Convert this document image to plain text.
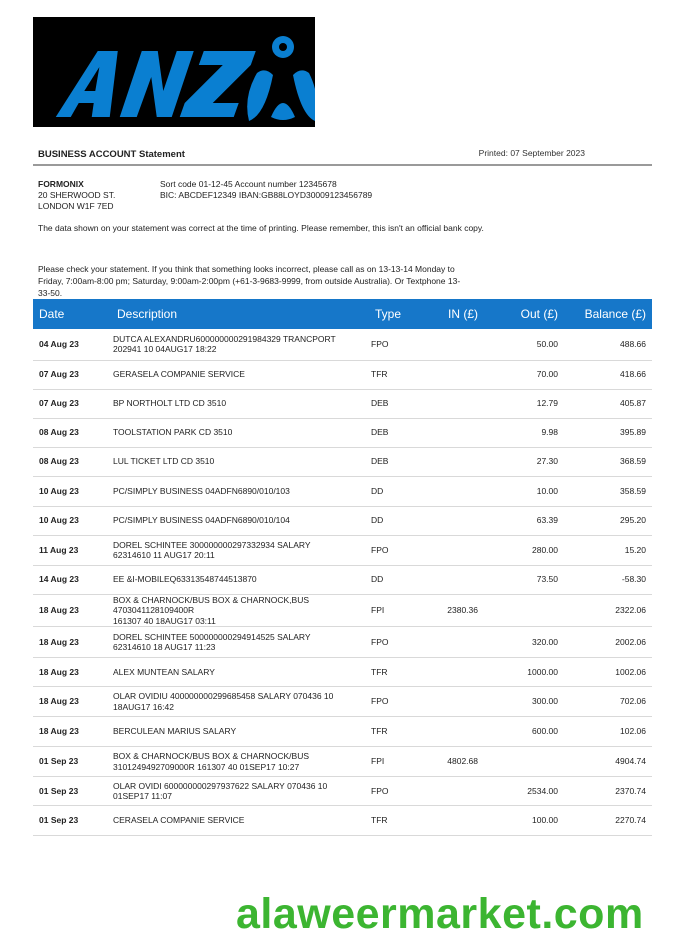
BUSINESS ACCOUNT Statement	Printed: 07 September 2023
FORMONIX
20 SHERWOOD ST.
LONDON W1F 7ED
Sort code 01-12-45 Account number 12345678
BIC: ABCDEF12349 IBAN:GB88LOYD30009123456789
The data shown on your statement was correct at the time of printing. Please remember, this isn't an official bank copy.
Please check your statement. If you think that something looks incorrect, please call as on 13-13-14 Monday to Friday, 7:00am-8:00 pm; Saturday, 9:00am-2:00pm (+61-3-9683-9999, from outside Australia). Or Textphone 13-33-50.
Date	Description	Type	IN (£)	Out (£)	Balance (£)
04 Aug 23	DUTCA ALEXANDRU600000000291984329 TRANCPORT
202941 10 04AUG17 18:22	FPO		50.00	488.66
07 Aug 23	GERASELA COMPANIE SERVICE	TFR		70.00	418.66
07 Aug 23	BP NORTHOLT LTD CD 3510	DEB		12.79	405.87
08 Aug 23	TOOLSTATION PARK CD 3510	DEB		9.98	395.89
08 Aug 23	LUL TICKET LTD CD 3510	DEB		27.30	368.59
10 Aug 23	PC/SIMPLY BUSINESS 04ADFN6890/010/103	DD		10.00	358.59
10 Aug 23	PC/SIMPLY BUSINESS 04ADFN6890/010/104	DD		63.39	295.20
11 Aug 23	DOREL SCHINTEE 300000000297332934 SALARY
62314610 11 AUG17 20:11	FPO		280.00	15.20
14 Aug 23	EE &I-MOBILEQ63313548744513870	DD		73.50	-58.30
18 Aug 23	BOX & CHARNOCK/BUS BOX & CHARNOCK,BUS 4703041128109400R
161307 40 18AUG17 03:11	FPI	2380.36		2322.06
18 Aug 23	DOREL SCHINTEE 500000000294914525 SALARY
62314610 18 AUG17 11:23	FPO		320.00	2002.06
18 Aug 23	ALEX MUNTEAN SALARY	TFR		1000.00	1002.06
18 Aug 23	OLAR OVIDIU 400000000299685458 SALARY 070436 10
18AUG17 16:42	FPO		300.00	702.06
18 Aug 23	BERCULEAN MARIUS SALARY	TFR		600.00	102.06
01 Sep 23	BOX & CHARNOCK/BUS BOX & CHARNOCK/BUS
3101249492709000R 161307 40 01SEP17 10:27	FPI	4802.68		4904.74
01 Sep 23	OLAR OVIDI 600000000297937622 SALARY 070436 10
01SEP17 11:07	FPO		2534.00	2370.74
01 Sep 23	CERASELA COMPANIE SERVICE	TFR		100.00	2270.74
alaweermarket.com
